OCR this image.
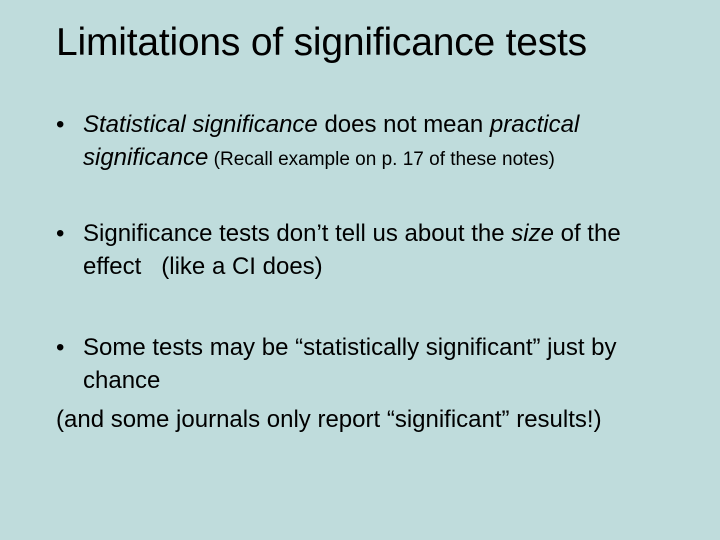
Limitations of significance tests
• Statistical significance does not mean practical
significance (Recall example on p. 17 of these notes)
• Significance tests don’t tell us about the size of the
effect   (like a CI does)
• Some tests may be “statistically significant” just by
chance
(and some journals only report “significant” results!)
